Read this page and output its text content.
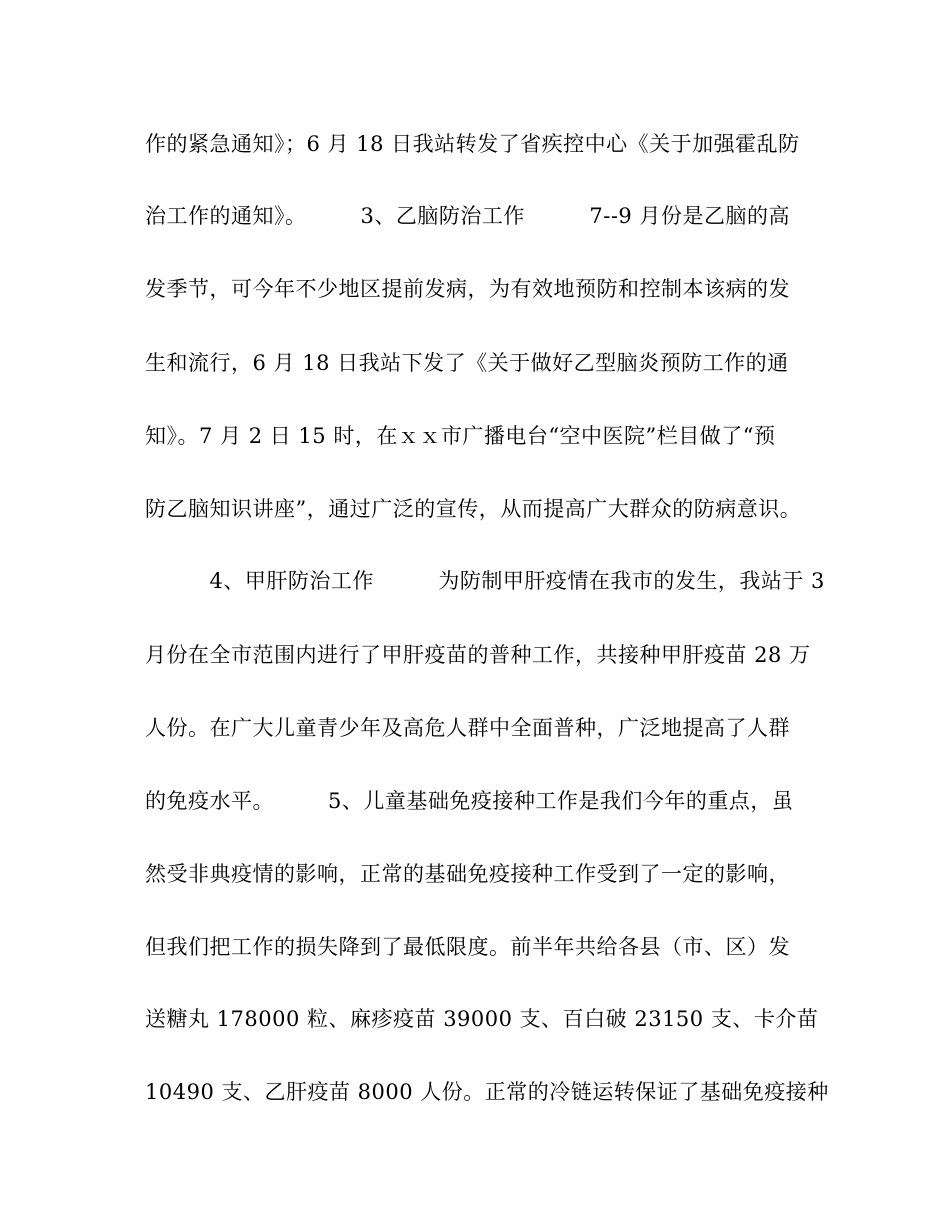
作的紧急通知》；6 月 18 日我站转发了省疾控中心《关于加强霍乱防
治工作的通知》。　　　3、乙脑防治工作　　　7--9 月份是乙脑的高
发季节，可今年不少地区提前发病，为有效地预防和控制本该病的发
生和流行，6 月 18 日我站下发了《关于做好乙型脑炎预防工作的通
知》。7 月 2 日 15 时，在ｘｘ市广播电台“空中医院”栏目做了“预
防乙脑知识讲座”，通过广泛的宣传，从而提高广大群众的防病意识。
　　　4、甲肝防治工作　　　为防制甲肝疫情在我市的发生，我站于 3
月份在全市范围内进行了甲肝疫苗的普种工作，共接种甲肝疫苗 28 万
人份。在广大儿童青少年及高危人群中全面普种，广泛地提高了人群
的免疫水平。　　　5、儿童基础免疫接种工作是我们今年的重点，虽
然受非典疫情的影响，正常的基础免疫接种工作受到了一定的影响，
但我们把工作的损失降到了最低限度。前半年共给各县（市、区）发
送糖丸 178000 粒、麻疹疫苗 39000 支、百白破 23150 支、卡介苗
10490 支、乙肝疫苗 8000 人份。正常的冷链运转保证了基础免疫接种
